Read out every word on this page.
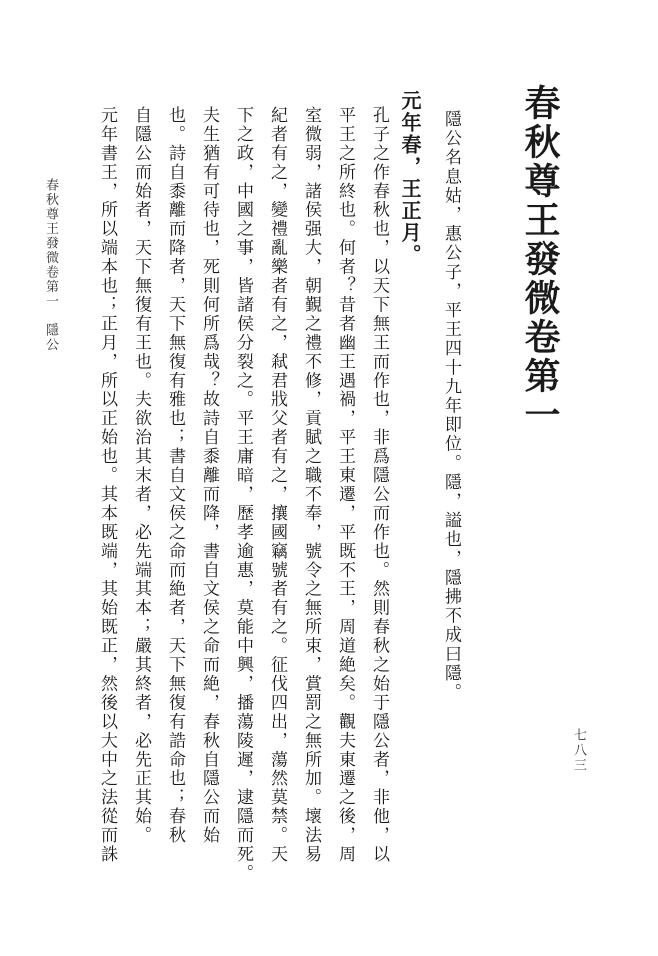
春秋尊王發微卷第一
隱公名息姑，惠公子，平王四十九年即位。隱，謚也，隱拂不成曰隱。
元年春，王正月。
孔子之作春秋也，以天下無王而作也，非爲隱公而作也。然則春秋之始于隱公者，非他，以
平王之所終也。何者？昔者幽王遇禍，平王東遷，平既不王，周道絶矣。觀夫東遷之後，周
室微弱，諸侯强大，朝覲之禮不修，貢賦之職不奉，號令之無所束，賞罰之無所加。壞法易
紀者有之，變禮亂樂者有之，弒君戕父者有之，攘國竊號者有之。征伐四出，蕩然莫禁。天
下之政，中國之事，皆諸侯分裂之。平王庸暗，歷孝逾惠，莫能中興，播蕩陵遲，逮隱而死。
夫生猶有可待也，死則何所爲哉？故詩自黍離而降，書自文侯之命而絶，春秋自隱公而始
也。詩自黍離而降者，天下無復有雅也；書自文侯之命而絶者，天下無復有誥命也；春秋
自隱公而始者，天下無復有王也。夫欲治其末者，必先端其本；嚴其終者，必先正其始。
元年書王，所以端本也；正月，所以正始也。其本既端，其始既正，然後以大中之法從而誅
春秋尊王發微卷第一　隱公
七八三
